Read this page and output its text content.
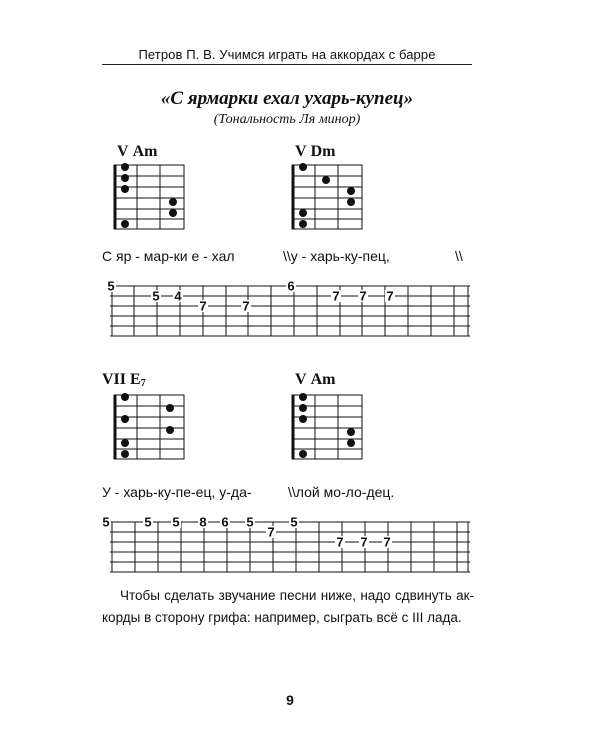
Петров П. В. Учимся играть на аккордах с барре
«С ярмарки ехал ухарь-купец»
(Тональность Ля минор)
V Am	V Dm
С яр - мар-ки е - хал	\\у - харь-ку-пец,	\\
5
5 4
7	7
6
7 7 7
VII $E_7$	V Am
У - харь-ку-пе-ец, у-да-	\\лой мо-ло-дец.
5	5 5 8 6 5
7
5
7 7 7
Чтобы сделать звучание песни ниже, надо сдвинуть ак-
корды в сторону грифа: например, сыграть всё с III лада.
9
